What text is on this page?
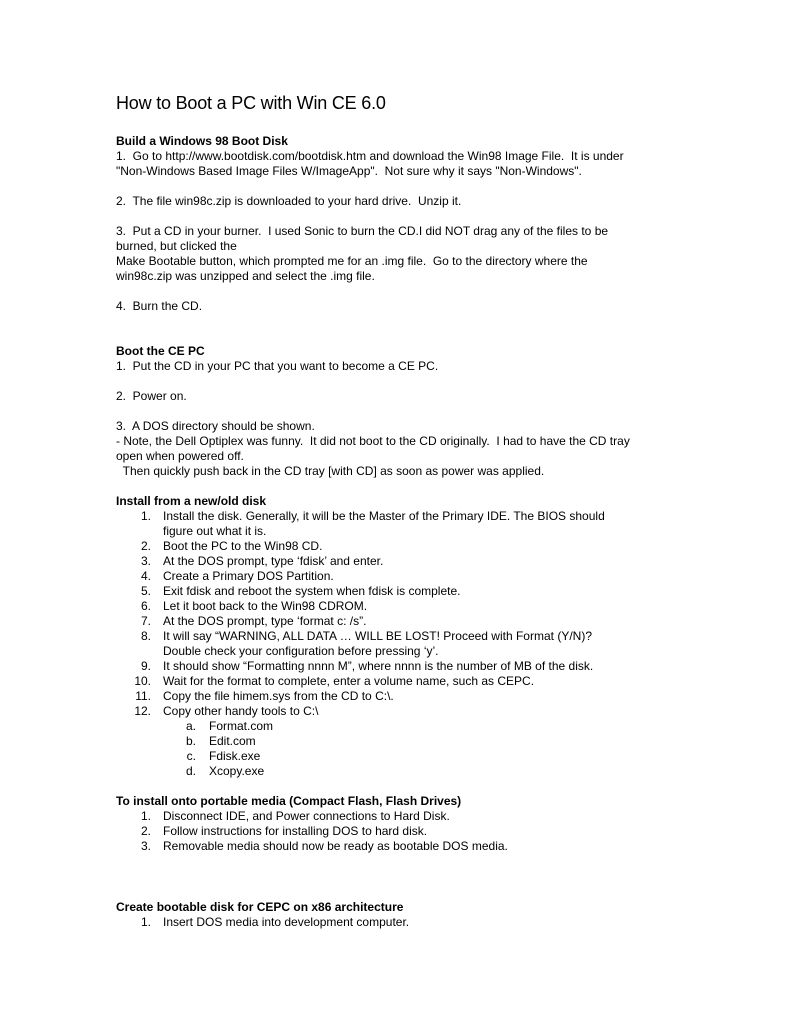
How to Boot a PC with Win CE 6.0

Build a Windows 98 Boot Disk

1.  Go to http://www.bootdisk.com/bootdisk.htm and download the Win98 Image File.  It is under

"Non-Windows Based Image Files W/ImageApp".  Not sure why it says "Non-Windows".

2.  The file win98c.zip is downloaded to your hard drive.  Unzip it.

3.  Put a CD in your burner.  I used Sonic to burn the CD.I did NOT drag any of the files to be

burned, but clicked the

Make Bootable button, which prompted me for an .img file.  Go to the directory where the

win98c.zip was unzipped and select the .img file.

4.  Burn the CD.

Boot the CE PC

1.  Put the CD in your PC that you want to become a CE PC.

2.  Power on.

3.  A DOS directory should be shown.

- Note, the Dell Optiplex was funny.  It did not boot to the CD originally.  I had to have the CD tray

open when powered off.

Then quickly push back in the CD tray [with CD] as soon as power was applied.

Install from a new/old disk

1. Install the disk. Generally, it will be the Master of the Primary IDE. The BIOS should
figure out what it is.
2. Boot the PC to the Win98 CD.
3. At the DOS prompt, type ‘fdisk’ and enter.
4. Create a Primary DOS Partition.
5. Exit fdisk and reboot the system when fdisk is complete.
6. Let it boot back to the Win98 CDROM.
7. At the DOS prompt, type ‘format c: /s”.
8. It will say “WARNING, ALL DATA … WILL BE LOST! Proceed with Format (Y/N)?
Double check your configuration before pressing ‘y’.
9. It should show “Formatting nnnn M”, where nnnn is the number of MB of the disk.
10. Wait for the format to complete, enter a volume name, such as CEPC.
11. Copy the file himem.sys from the CD to C:\.
12. Copy other handy tools to C:\
a. Format.com
b. Edit.com
c. Fdisk.exe
d. Xcopy.exe

To install onto portable media (Compact Flash, Flash Drives)

1. Disconnect IDE, and Power connections to Hard Disk.
2. Follow instructions for installing DOS to hard disk.
3. Removable media should now be ready as bootable DOS media.

Create bootable disk for CEPC on x86 architecture

1. Insert DOS media into development computer.
